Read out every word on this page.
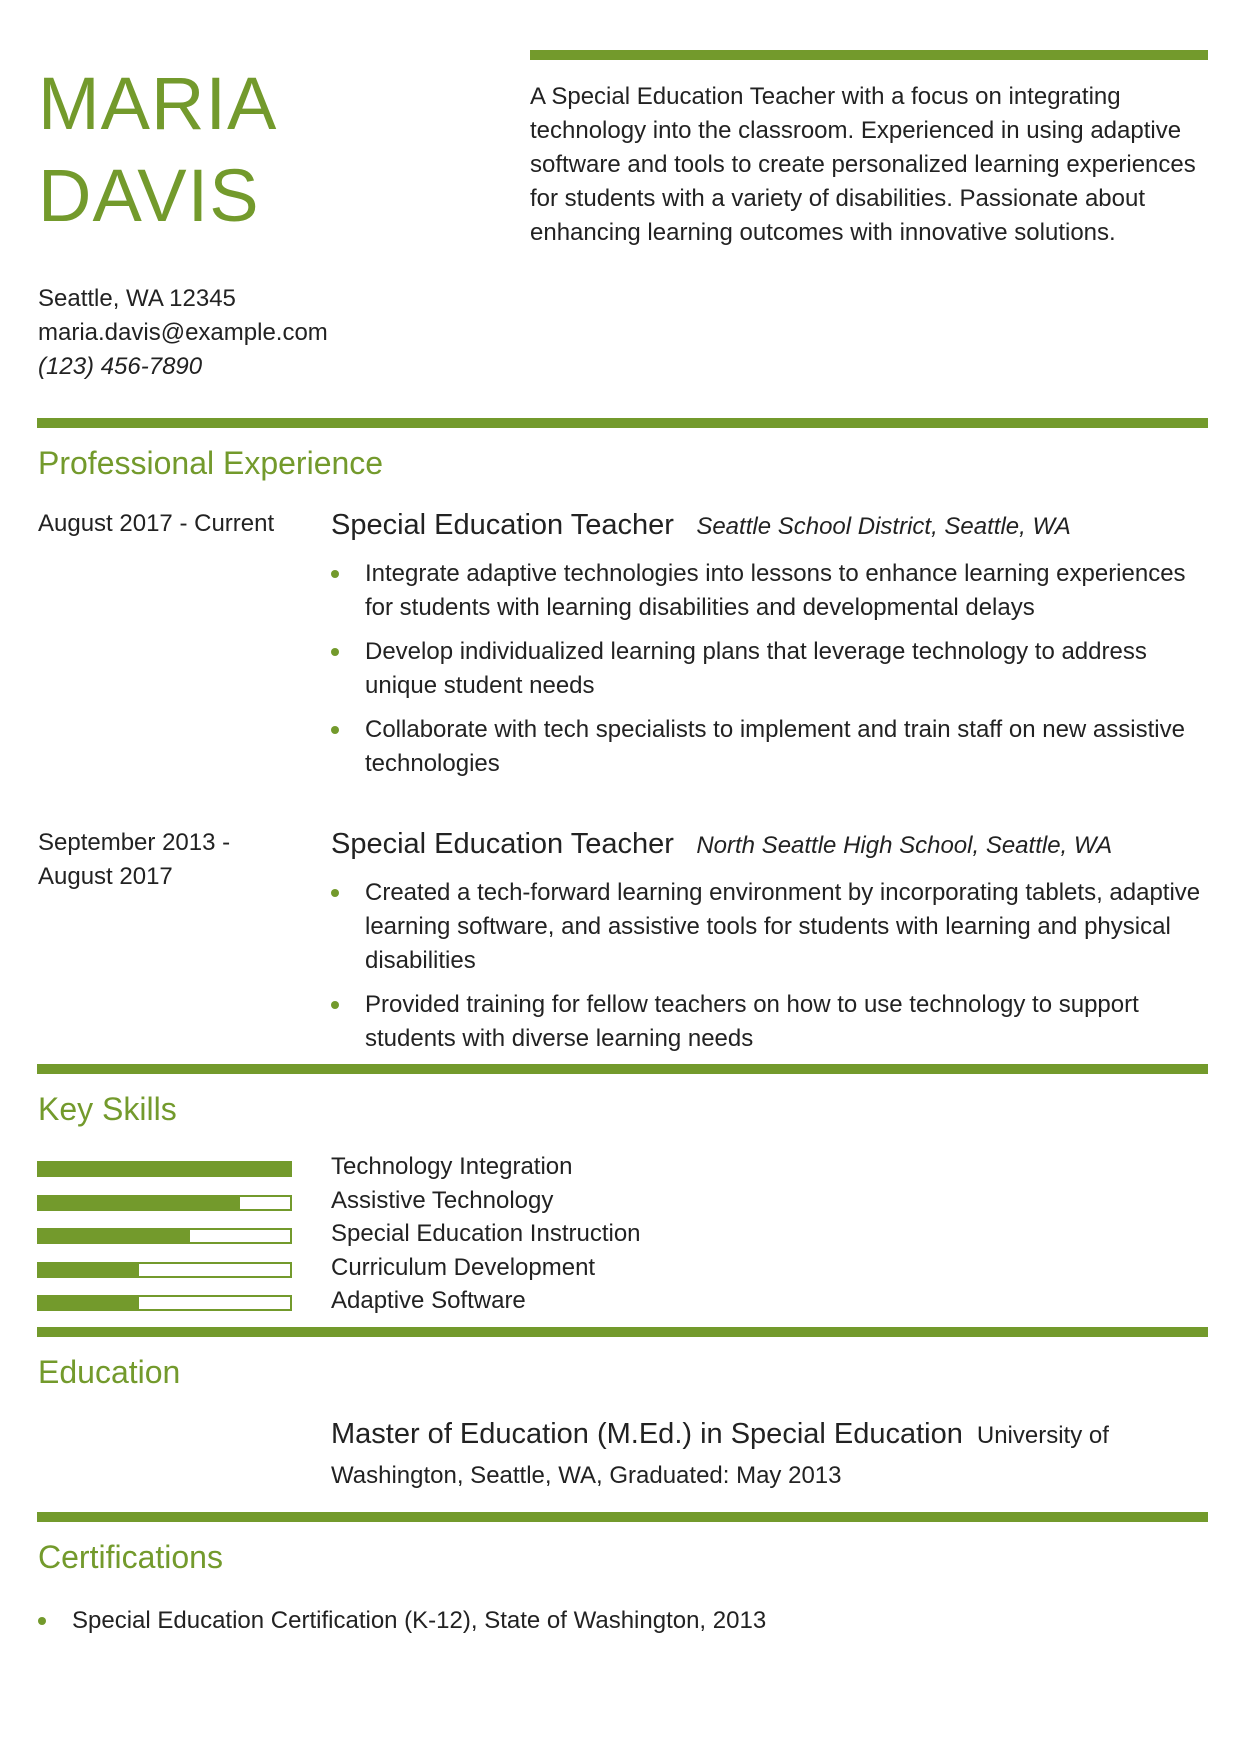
MARIA
DAVIS
A Special Education Teacher with a focus on integrating technology into the classroom. Experienced in using adaptive software and tools to create personalized learning experiences for students with a variety of disabilities. Passionate about enhancing learning outcomes with innovative solutions.
Seattle, WA 12345
maria.davis@example.com
(123) 456-7890
Professional Experience
August 2017 - Current	Special Education Teacher Seattle School District, Seattle, WA
Integrate adaptive technologies into lessons to enhance learning experiences for students with learning disabilities and developmental delays
Develop individualized learning plans that leverage technology to address unique student needs
Collaborate with tech specialists to implement and train staff on new assistive technologies
September 2013 - August 2017
Special Education Teacher North Seattle High School, Seattle, WA
Created a tech-forward learning environment by incorporating tablets, adaptive learning software, and assistive tools for students with learning and physical disabilities
Provided training for fellow teachers on how to use technology to support students with diverse learning needs
Key Skills
Technology Integration
Assistive Technology
Special Education Instruction
Curriculum Development
Adaptive Software
Education
Master of Education (M.Ed.) in Special Education University of Washington, Seattle, WA, Graduated: May 2013
Certifications
Special Education Certification (K-12), State of Washington, 2013
